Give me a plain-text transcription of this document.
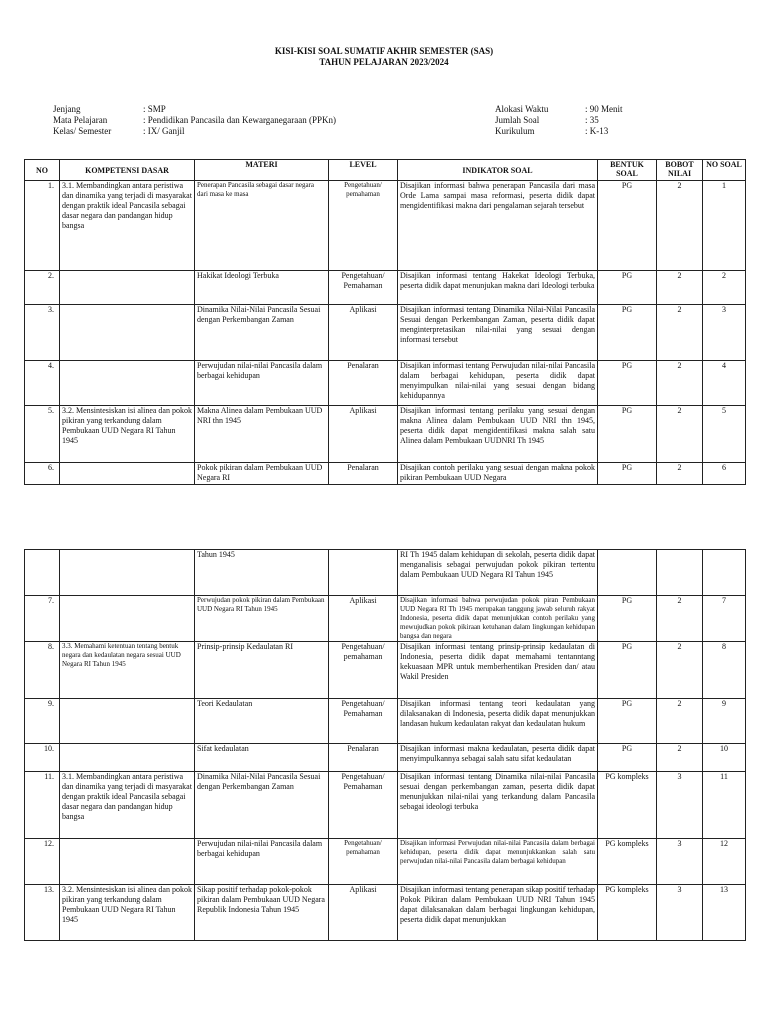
KISI-KISI SOAL SUMATIF AKHIR SEMESTER (SAS)
TAHUN PELAJARAN 2023/2024
Jenjang	: SMP
Mata Pelajaran	: Pendidikan Pancasila dan Kewarganegaraan (PPKn)
Kelas/ Semester	: IX/ Ganjil
Alokasi Waktu	: 90 Menit
Jumlah Soal	: 35
Kurikulum	: K-13
NO	KOMPETENSI DASAR	MATERI	LEVEL	INDIKATOR SOAL	BENTUK SOAL	BOBOT NILAI	NO SOAL
1.	3.1. Membandingkan antara peristiwa dan dinamika yang terjadi di masyarakat dengan praktik ideal Pancasila sebagai dasar negara dan pandangan hidup bangsa	Penerapan Pancasila sebagai dasar negara dari masa ke masa	Pengetahuan/ pemahaman	Disajikan informasi bahwa penerapan Pancasila dari masa Orde Lama sampai masa reformasi, peserta didik dapat mengidentifikasi makna dari pengalaman sejarah tersebut	PG	2	1
2.		Hakikat Ideologi Terbuka	Pengetahuan/ Pemahaman	Disajikan informasi tentang Hakekat Ideologi Terbuka, peserta didik dapat menunjukan makna dari Ideologi terbuka	PG	2	2
3.		Dinamika Nilai-Nilai Pancasila Sesuai dengan Perkembangan Zaman	Aplikasi	Disajikan informasi tentang Dinamika Nilai-Nilai Pancasila Sesuai dengan Perkembangan Zaman, peserta didik dapat menginterpretasikan nilai-nilai yang sesuai dengan informasi tersebut	PG	2	3
4.		Perwujudan nilai-nilai Pancasila dalam berbagai kehidupan	Penalaran	Disajikan informasi tentang Perwujudan nilai-nilai Pancasila dalam berbagai kehidupan, peserta didik dapat menyimpulkan nilai-nilai yang sesuai dengan bidang kehidupannya	PG	2	4
5.	3.2. Mensintesiskan isi alinea dan pokok pikiran yang terkandung dalam Pembukaan UUD Negara RI Tahun 1945	Makna Alinea dalam Pembukaan UUD NRI thn 1945	Aplikasi	Disajikan informasi tentang perilaku yang sesuai dengan makna Alinea dalam Pembukaan UUD NRI thn 1945, peserta didik dapat mengidentifikasi makna salah satu Alinea dalam Pembukaan UUDNRI Th 1945	PG	2	5
6.		Pokok pikiran dalam Pembukaan UUD Negara RI	Penalaran	Disajikan contoh perilaku yang sesuai dengan makna pokok pikiran Pembukaan UUD Negara	PG	2	6
		Tahun 1945		RI Th 1945 dalam kehidupan di sekolah, peserta didik dapat menganalisis sebagai perwujudan pokok pikiran tertentu dalam Pembukaan UUD Negara RI Tahun 1945			
7.		Perwujudan pokok pikiran dalam Pembukaan UUD Negara RI Tahun 1945	Aplikasi	Disajikan informasi bahwa perwujudan pokok piran Pembukaan UUD Negara RI Th 1945 merupakan tanggung jawab seluruh rakyat Indonesia, peserta didik dapat menunjukkan contoh perilaku yang mewujudkan pokok pikiraan ketuhanan dalam lingkungan kehidupan bangsa dan negara	PG	2	7
8.	3.3. Memahami ketentuan tentang bentuk negara dan kedaulatan negara sesuai UUD Negara RI Tahun 1945	Prinsip-prinsip Kedaulatan RI	Pengetahuan/ pemahaman	Disajikan informasi tentang prinsip-prinsip kedaulatan di Indonesia, peserta didik dapat memahami tentanntang kekuasaan MPR untuk memberhentikan Presiden dan/ atau Wakil Presiden	PG	2	8
9.		Teori Kedaulatan	Pengetahuan/ Pemahaman	Disajikan informasi tentang teori kedaulatan yang dilaksanakan di Indonesia, peserta didik dapat menunjukkan landasan hukum kedaulatan rakyat dan kedaulatan hukum	PG	2	9
10.		Sifat kedaulatan	Penalaran	Disajikan informasi makna kedaulatan, peserta didik dapat menyimpulkannya sebagai salah satu sifat kedaulatan	PG	2	10
11.	3.1. Membandingkan antara peristiwa dan dinamika yang terjadi di masyarakat dengan praktik ideal Pancasila sebagai dasar negara dan pandangan hidup bangsa	Dinamika Nilai-Nilai Pancasila Sesuai dengan Perkembangan Zaman	Pengetahuan/ Pemahaman	Disajikan informasi tentang Dinamika nilai-nilai Pancasila sesuai dengan perkembangan zaman, peserta didik dapat menunjukkan nilai-nilai yang terkandung dalam Pancasila sebagai ideologi terbuka	PG kompleks	3	11
12.		Perwujudan nilai-nilai Pancasila dalam berbagai kehidupan	Pengetahuan/ pemahaman	Disajikan informasi Perwujudan nilai-nilai Pancasila dalam berbagai kehidupan, peserta didik dapat menunjukkankan salah satu perwujudan nilai-nilai Pancasila dalam berbagai kehidupan	PG kompleks	3	12
13.	3.2. Mensintesiskan isi alinea dan pokok pikiran yang terkandung dalam Pembukaan UUD Negara RI Tahun 1945	Sikap positif terhadap pokok-pokok pikiran dalam Pembukaan UUD Negara Republik Indonesia Tahun 1945	Aplikasi	Disajikan informasi tentang penerapan sikap positif terhadap Pokok Pikiran dalam Pembukaan UUD NRI Tahun 1945 dapat dilaksanakan dalam berbagai lingkungan kehidupan, peserta didik dapat menunjukkan	PG kompleks	3	13
